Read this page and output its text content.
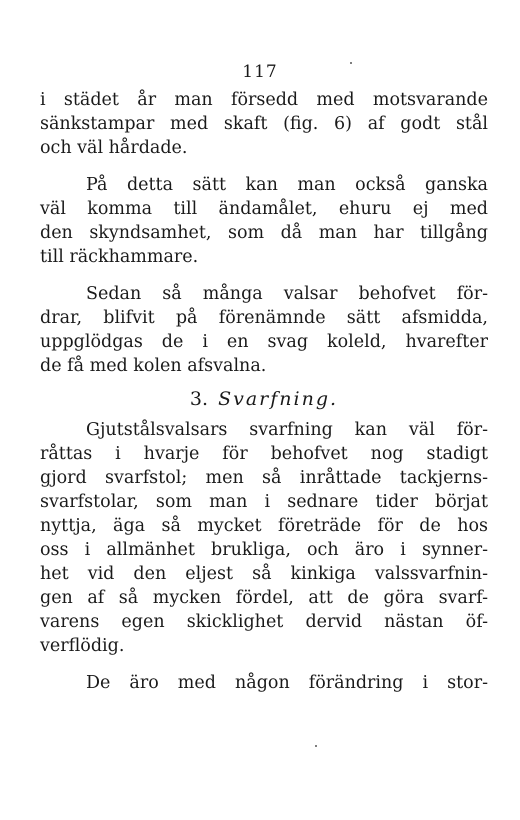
117
i städet år man försedd med motsvarande
sänkstampar med skaft (fig. 6) af godt stål
och väl hårdade.
På detta sätt kan man också ganska
väl komma till ändamålet, ehuru ej med
den skyndsamhet, som då man har tillgång
till räckhammare.
Sedan så många valsar behofvet för-
drar, blifvit på förenämnde sätt afsmidda,
uppglödgas de i en svag koleld, hvarefter
de få med kolen afsvalna.
3. Svarfning.
Gjutstålsvalsars svarfning kan väl för-
råttas i hvarje för behofvet nog stadigt
gjord svarfstol; men så inråttade tackjerns-
svarfstolar, som man i sednare tider börjat
nyttja, äga så mycket företräde för de hos
oss i allmänhet brukliga, och äro i synner-
het vid den eljest så kinkiga valssvarfnin-
gen af så mycken fördel, att de göra svarf-
varens egen skicklighet dervid nästan öf-
verflödig.
De äro med någon förändring i stor-
